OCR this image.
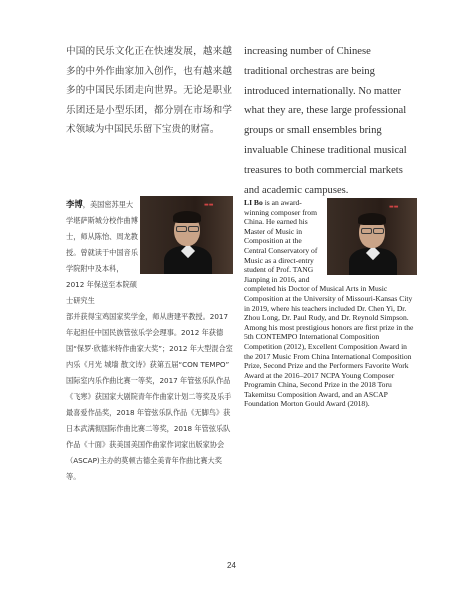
中国的民乐文化正在快速发展，越来越多的中外作曲家加入创作，也有越来越多的中国民乐团走向世界。无论是职业乐团还是小型乐团，都分别在市场和学术领域为中国民乐留下宝贵的财富。

increasing number of Chinese traditional orchestras are being introduced internationally. No matter what they are, these large professional groups or small ensembles bring invaluable Chinese traditional musical treasures to both commercial markets and academic campuses.

▬▬	▬▬
李博，美国密苏里大学堪萨斯城分校作曲博士，师从陈怡、周龙教授。曾就读于中国音乐学院附中及本科，2012 年保送至本院硕士研究生
部并获得宝鸡国家奖学金，师从唐建平教授。2017 年起担任中国民族管弦乐学会理事。2012 年获德国“保罗·欣德米特作曲家大奖”；2012 年大型混合室内乐《月光 城墙 散文诗》获第五届“CON TEMPO” 国际室内乐作曲比赛一等奖，2017 年管弦乐队作品《飞寒》获国家大剧院青年作曲家计划二等奖及乐手最喜爱作品奖，2018 年管弦乐队作品《无脚鸟》获日本武满彻国际作曲比赛二等奖，2018 年管弦乐队作品《十面》获美国美国作曲家作词家出版家协会（ASCAP)主办的莫顿古德全美青年作曲比赛大奖等。
LI Bo is an award-winning composer from China. He earned his Master of Music in Composition at the Central Conservatory of Music as a direct-entry student of Prof. TANG Jianping in 2016, and
completed his Doctor of Musical Arts in Music Composition at the University of Missouri-Kansas City in 2019, where his teachers included Dr. Chen Yi, Dr. Zhou Long, Dr. Paul Rudy, and Dr. Reynold Simpson. Among his most prestigious honors are first prize in the 5th CONTEMPO International Composition Competition (2012), Excellent Composition Award in the 2017 Music From China International Composition Prize, Second Prize and the Performers Favorite Work Award at the 2016–2017 NCPA Young Composer Programin China, Second Prize in the 2018 Toru Takemitsu Composition Award, and an ASCAP Foundation Morton Gould Award (2018).
24
